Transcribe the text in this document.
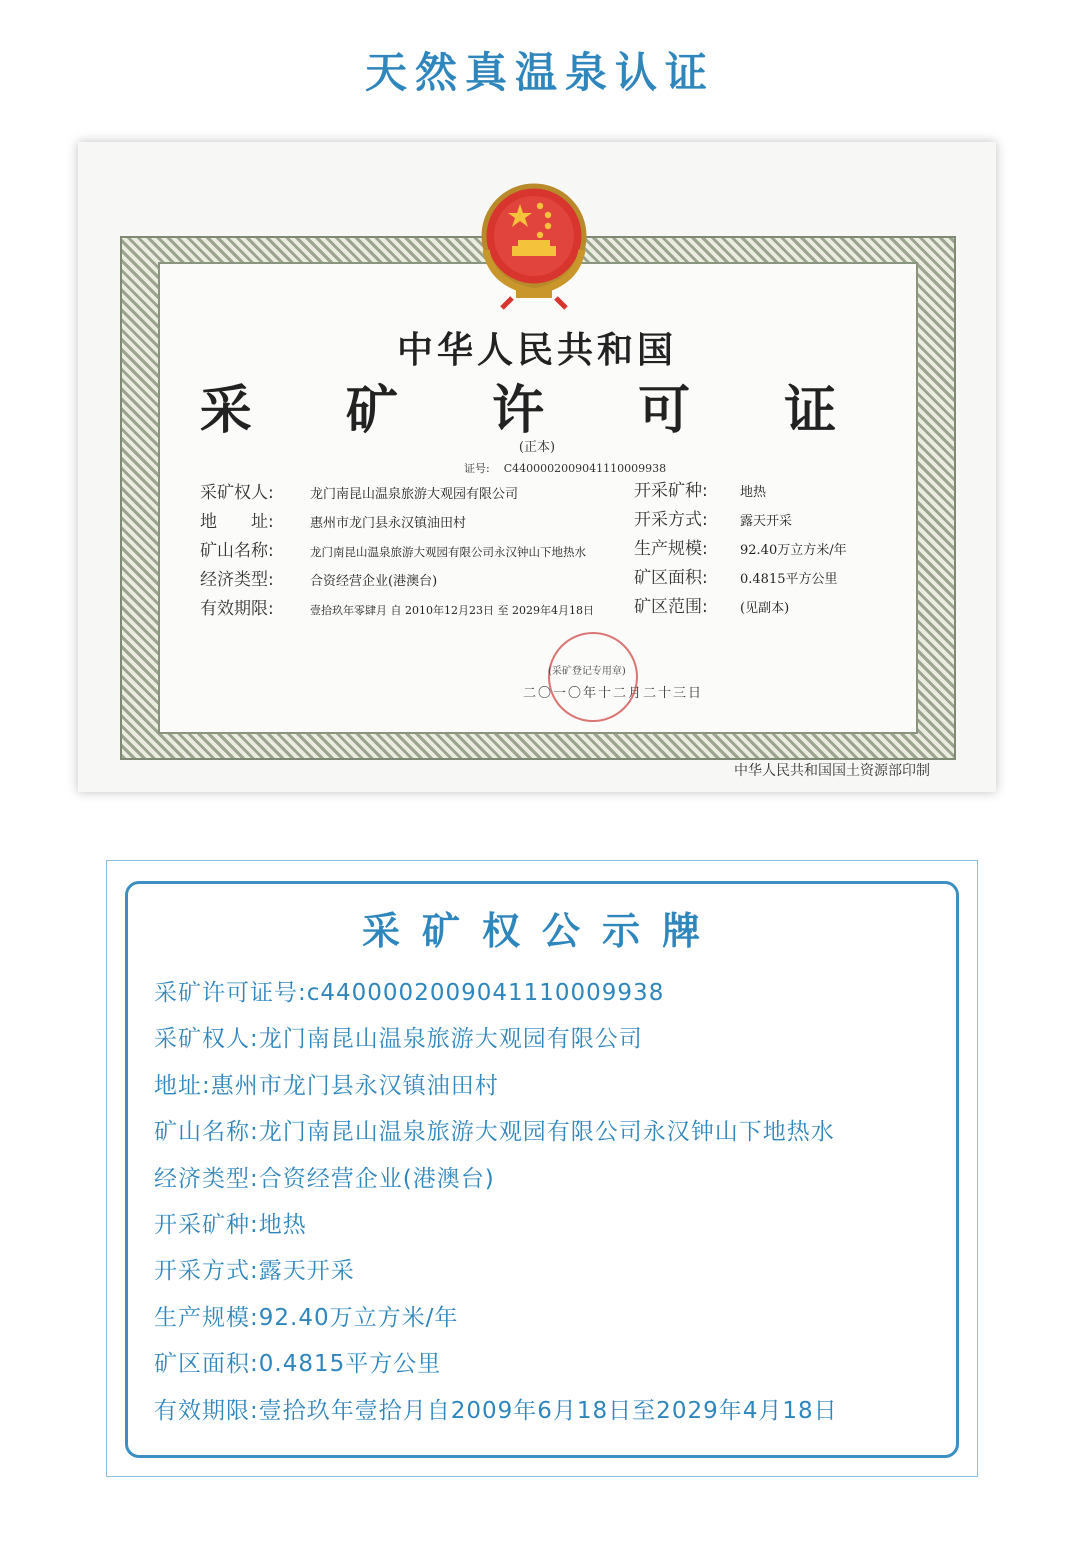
天然真温泉认证
中华人民共和国
采 矿 许 可 证
(正本)
证号: C4400002009041110009938
采矿权人:	龙门南昆山温泉旅游大观园有限公司
地　　址:	惠州市龙门县永汉镇油田村
矿山名称:	龙门南昆山温泉旅游大观园有限公司永汉钟山下地热水
经济类型:	合资经营企业(港澳台)
有效期限:	壹拾玖年零肆月 自 2010年12月23日 至 2029年4月18日
开采矿种: 地热
开采方式: 露天开采
生产规模: 92.40万立方米/年
矿区面积: 0.4815平方公里
矿区范围: (见副本)
(采矿登记专用章)
二〇一〇年十二月二十三日
中华人民共和国国土资源部印制
采矿权公示牌
采矿许可证号:c4400002009041110009938
采矿权人:龙门南昆山温泉旅游大观园有限公司
地址:惠州市龙门县永汉镇油田村
矿山名称:龙门南昆山温泉旅游大观园有限公司永汉钟山下地热水
经济类型:合资经营企业(港澳台)
开采矿种:地热
开采方式:露天开采
生产规模:92.40万立方米/年
矿区面积:0.4815平方公里
有效期限:壹拾玖年壹拾月自2009年6月18日至2029年4月18日
